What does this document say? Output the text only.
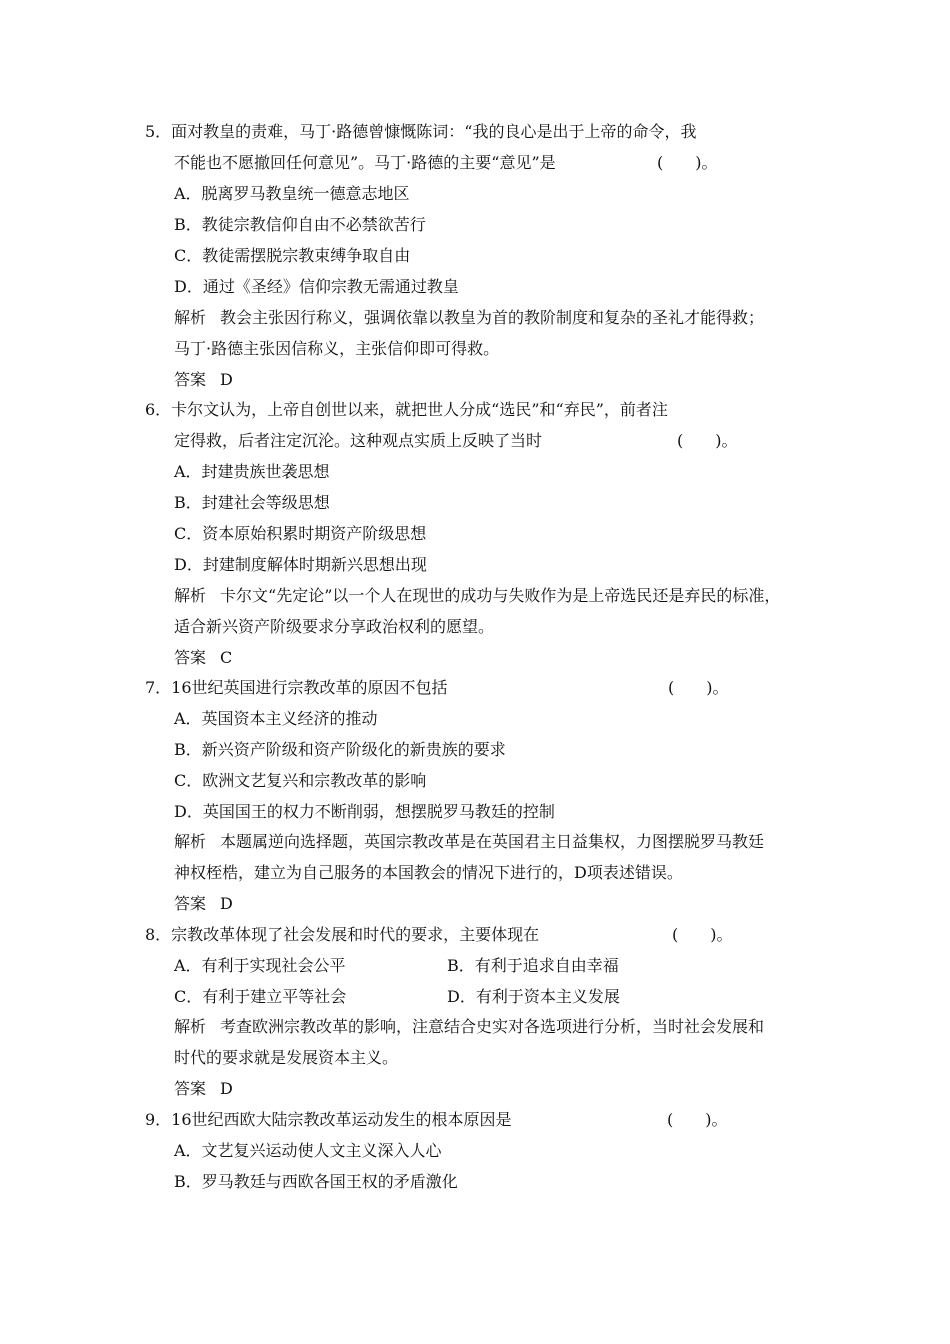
5．面对教皇的责难，马丁·路德曾慷慨陈词：“我的良心是出于上帝的命令，我
不能也不愿撤回任何意见”。马丁·路德的主要“意见”是	(　　)。
A．脱离罗马教皇统一德意志地区
B．教徒宗教信仰自由不必禁欲苦行
C．教徒需摆脱宗教束缚争取自由
D．通过《圣经》信仰宗教无需通过教皇
解析 教会主张因行称义，强调依靠以教皇为首的教阶制度和复杂的圣礼才能得救；
马丁·路德主张因信称义，主张信仰即可得救。
答案 D
6．卡尔文认为，上帝自创世以来，就把世人分成“选民”和“弃民”，前者注
定得救，后者注定沉沦。这种观点实质上反映了当时	(　　)。
A．封建贵族世袭思想
B．封建社会等级思想
C．资本原始积累时期资产阶级思想
D．封建制度解体时期新兴思想出现
解析 卡尔文“先定论”以一个人在现世的成功与失败作为是上帝选民还是弃民的标准，
适合新兴资产阶级要求分享政治权利的愿望。
答案 C
7．16世纪英国进行宗教改革的原因不包括	(　　)。
A．英国资本主义经济的推动
B．新兴资产阶级和资产阶级化的新贵族的要求
C．欧洲文艺复兴和宗教改革的影响
D．英国国王的权力不断削弱，想摆脱罗马教廷的控制
解析 本题属逆向选择题，英国宗教改革是在英国君主日益集权，力图摆脱罗马教廷
神权桎梏，建立为自己服务的本国教会的情况下进行的，D项表述错误。
答案 D
8．宗教改革体现了社会发展和时代的要求，主要体现在	(　　)。
A．有利于实现社会公平	B．有利于追求自由幸福
C．有利于建立平等社会	D．有利于资本主义发展
解析 考查欧洲宗教改革的影响，注意结合史实对各选项进行分析，当时社会发展和
时代的要求就是发展资本主义。
答案 D
9．16世纪西欧大陆宗教改革运动发生的根本原因是	(　　)。
A．文艺复兴运动使人文主义深入人心
B．罗马教廷与西欧各国王权的矛盾激化
